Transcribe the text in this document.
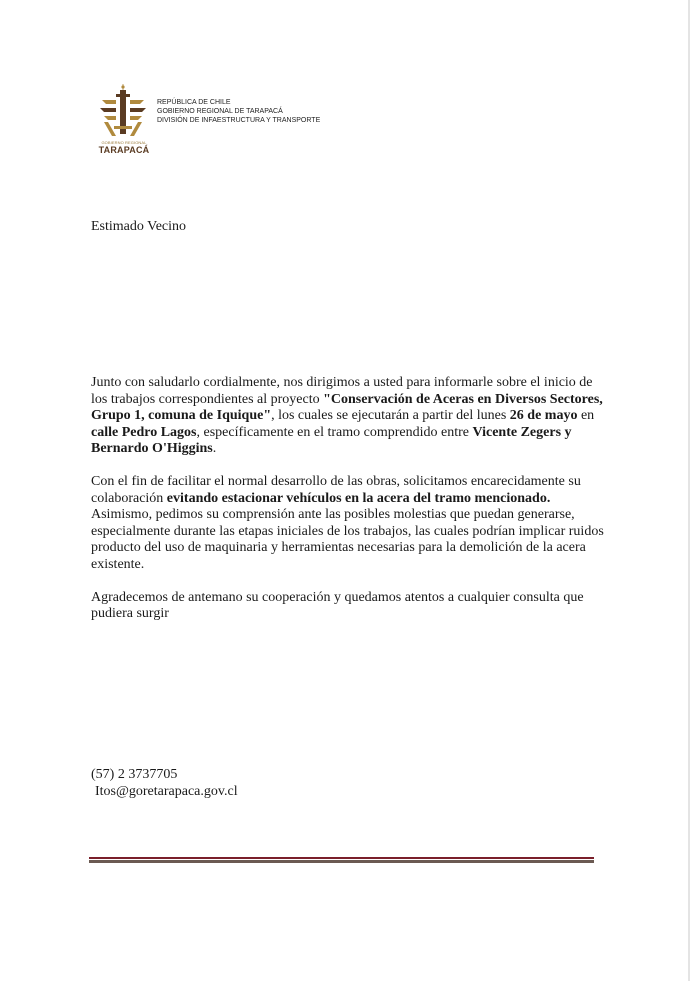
GOBIERNO REGIONAL
TARAPACÁ
REPÚBLICA DE CHILE
GOBIERNO REGIONAL DE TARAPACÁ
DIVISIÓN DE INFAESTRUCTURA Y TRANSPORTE
Estimado Vecino

Junto con saludarlo cordialmente, nos dirigimos a usted para informarle sobre el inicio de los trabajos correspondientes al proyecto "Conservación de Aceras en Diversos Sectores, Grupo 1, comuna de Iquique", los cuales se ejecutarán a partir del lunes 26 de mayo en calle Pedro Lagos, específicamente en el tramo comprendido entre Vicente Zegers y Bernardo O'Higgins.

Con el fin de facilitar el normal desarrollo de las obras, solicitamos encarecidamente su colaboración evitando estacionar vehículos en la acera del tramo mencionado. Asimismo, pedimos su comprensión ante las posibles molestias que puedan generarse, especialmente durante las etapas iniciales de los trabajos, las cuales podrían implicar ruidos producto del uso de maquinaria y herramientas necesarias para la demolición de la acera existente.

Agradecemos de antemano su cooperación y quedamos atentos a cualquier consulta que pudiera surgir

(57) 2 3737705
Itos@goretarapaca.gov.cl
